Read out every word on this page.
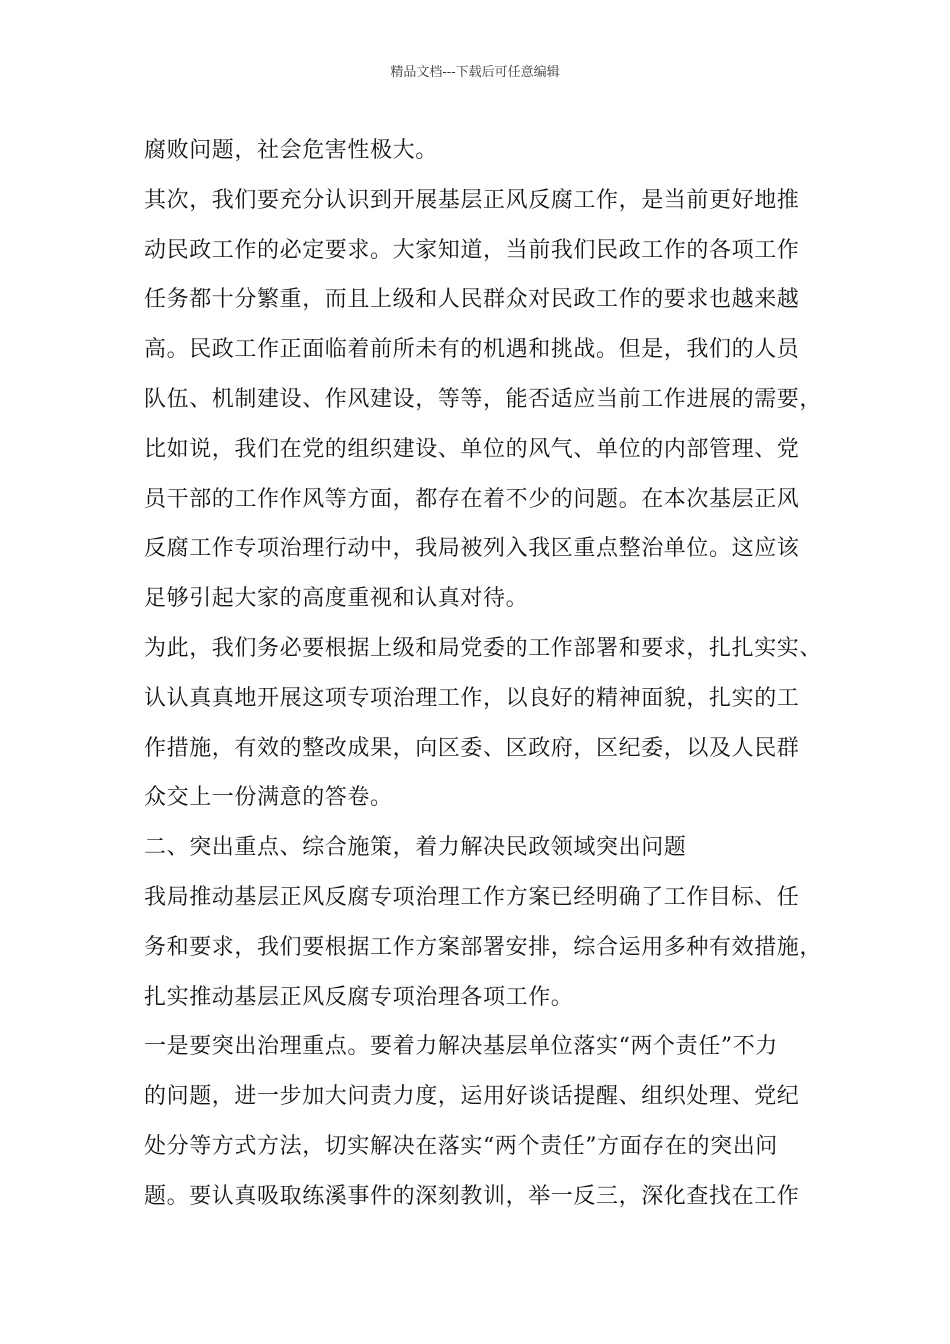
精品文档---下载后可任意编辑
腐败问题，社会危害性极大。
其次，我们要充分认识到开展基层正风反腐工作，是当前更好地推
动民政工作的必定要求。大家知道，当前我们民政工作的各项工作
任务都十分繁重，而且上级和人民群众对民政工作的要求也越来越
高。民政工作正面临着前所未有的机遇和挑战。但是，我们的人员
队伍、机制建设、作风建设，等等，能否适应当前工作进展的需要，
比如说，我们在党的组织建设、单位的风气、单位的内部管理、党
员干部的工作作风等方面，都存在着不少的问题。在本次基层正风
反腐工作专项治理行动中，我局被列入我区重点整治单位。这应该
足够引起大家的高度重视和认真对待。
为此，我们务必要根据上级和局党委的工作部署和要求，扎扎实实、
认认真真地开展这项专项治理工作，以良好的精神面貌，扎实的工
作措施，有效的整改成果，向区委、区政府，区纪委，以及人民群
众交上一份满意的答卷。
二、突出重点、综合施策，着力解决民政领域突出问题
我局推动基层正风反腐专项治理工作方案已经明确了工作目标、任
务和要求，我们要根据工作方案部署安排，综合运用多种有效措施，
扎实推动基层正风反腐专项治理各项工作。
一是要突出治理重点。要着力解决基层单位落实“两个责任”不力
的问题，进一步加大问责力度，运用好谈话提醒、组织处理、党纪
处分等方式方法，切实解决在落实“两个责任”方面存在的突出问
题。要认真吸取练溪事件的深刻教训，举一反三，深化查找在工作
